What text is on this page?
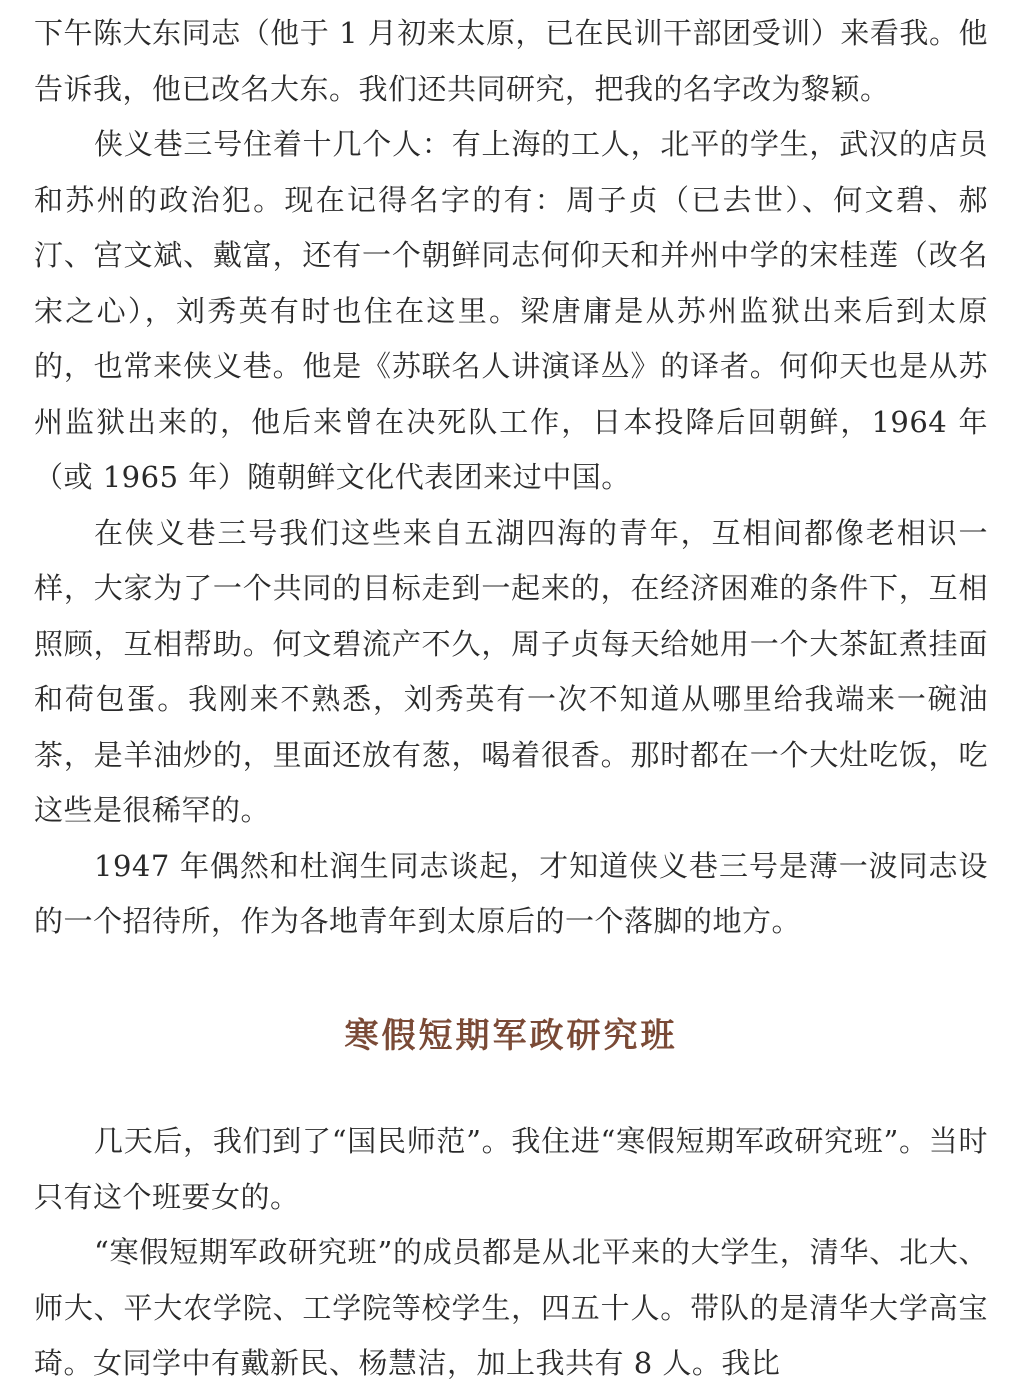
下午陈大东同志（他于 1 月初来太原，已在民训干部团受训）来看我。他告诉我，他已改名大东。我们还共同研究，把我的名字改为黎颖。

侠义巷三号住着十几个人：有上海的工人，北平的学生，武汉的店员和苏州的政治犯。现在记得名字的有：周子贞（已去世）、何文碧、郝汀、宫文斌、戴富，还有一个朝鲜同志何仰天和并州中学的宋桂莲（改名宋之心），刘秀英有时也住在这里。梁唐庸是从苏州监狱出来后到太原的，也常来侠义巷。他是《苏联名人讲演译丛》的译者。何仰天也是从苏州监狱出来的，他后来曾在决死队工作，日本投降后回朝鲜，1964 年（或 1965 年）随朝鲜文化代表团来过中国。

在侠义巷三号我们这些来自五湖四海的青年，互相间都像老相识一样，大家为了一个共同的目标走到一起来的，在经济困难的条件下，互相照顾，互相帮助。何文碧流产不久，周子贞每天给她用一个大茶缸煮挂面和荷包蛋。我刚来不熟悉，刘秀英有一次不知道从哪里给我端来一碗油茶，是羊油炒的，里面还放有葱，喝着很香。那时都在一个大灶吃饭，吃这些是很稀罕的。

1947 年偶然和杜润生同志谈起，才知道侠义巷三号是薄一波同志设的一个招待所，作为各地青年到太原后的一个落脚的地方。

寒假短期军政研究班

几天后，我们到了“国民师范”。我住进“寒假短期军政研究班”。当时只有这个班要女的。

“寒假短期军政研究班”的成员都是从北平来的大学生，清华、北大、师大、平大农学院、工学院等校学生，四五十人。带队的是清华大学高宝琦。女同学中有戴新民、杨慧洁，加上我共有 8 人。我比
